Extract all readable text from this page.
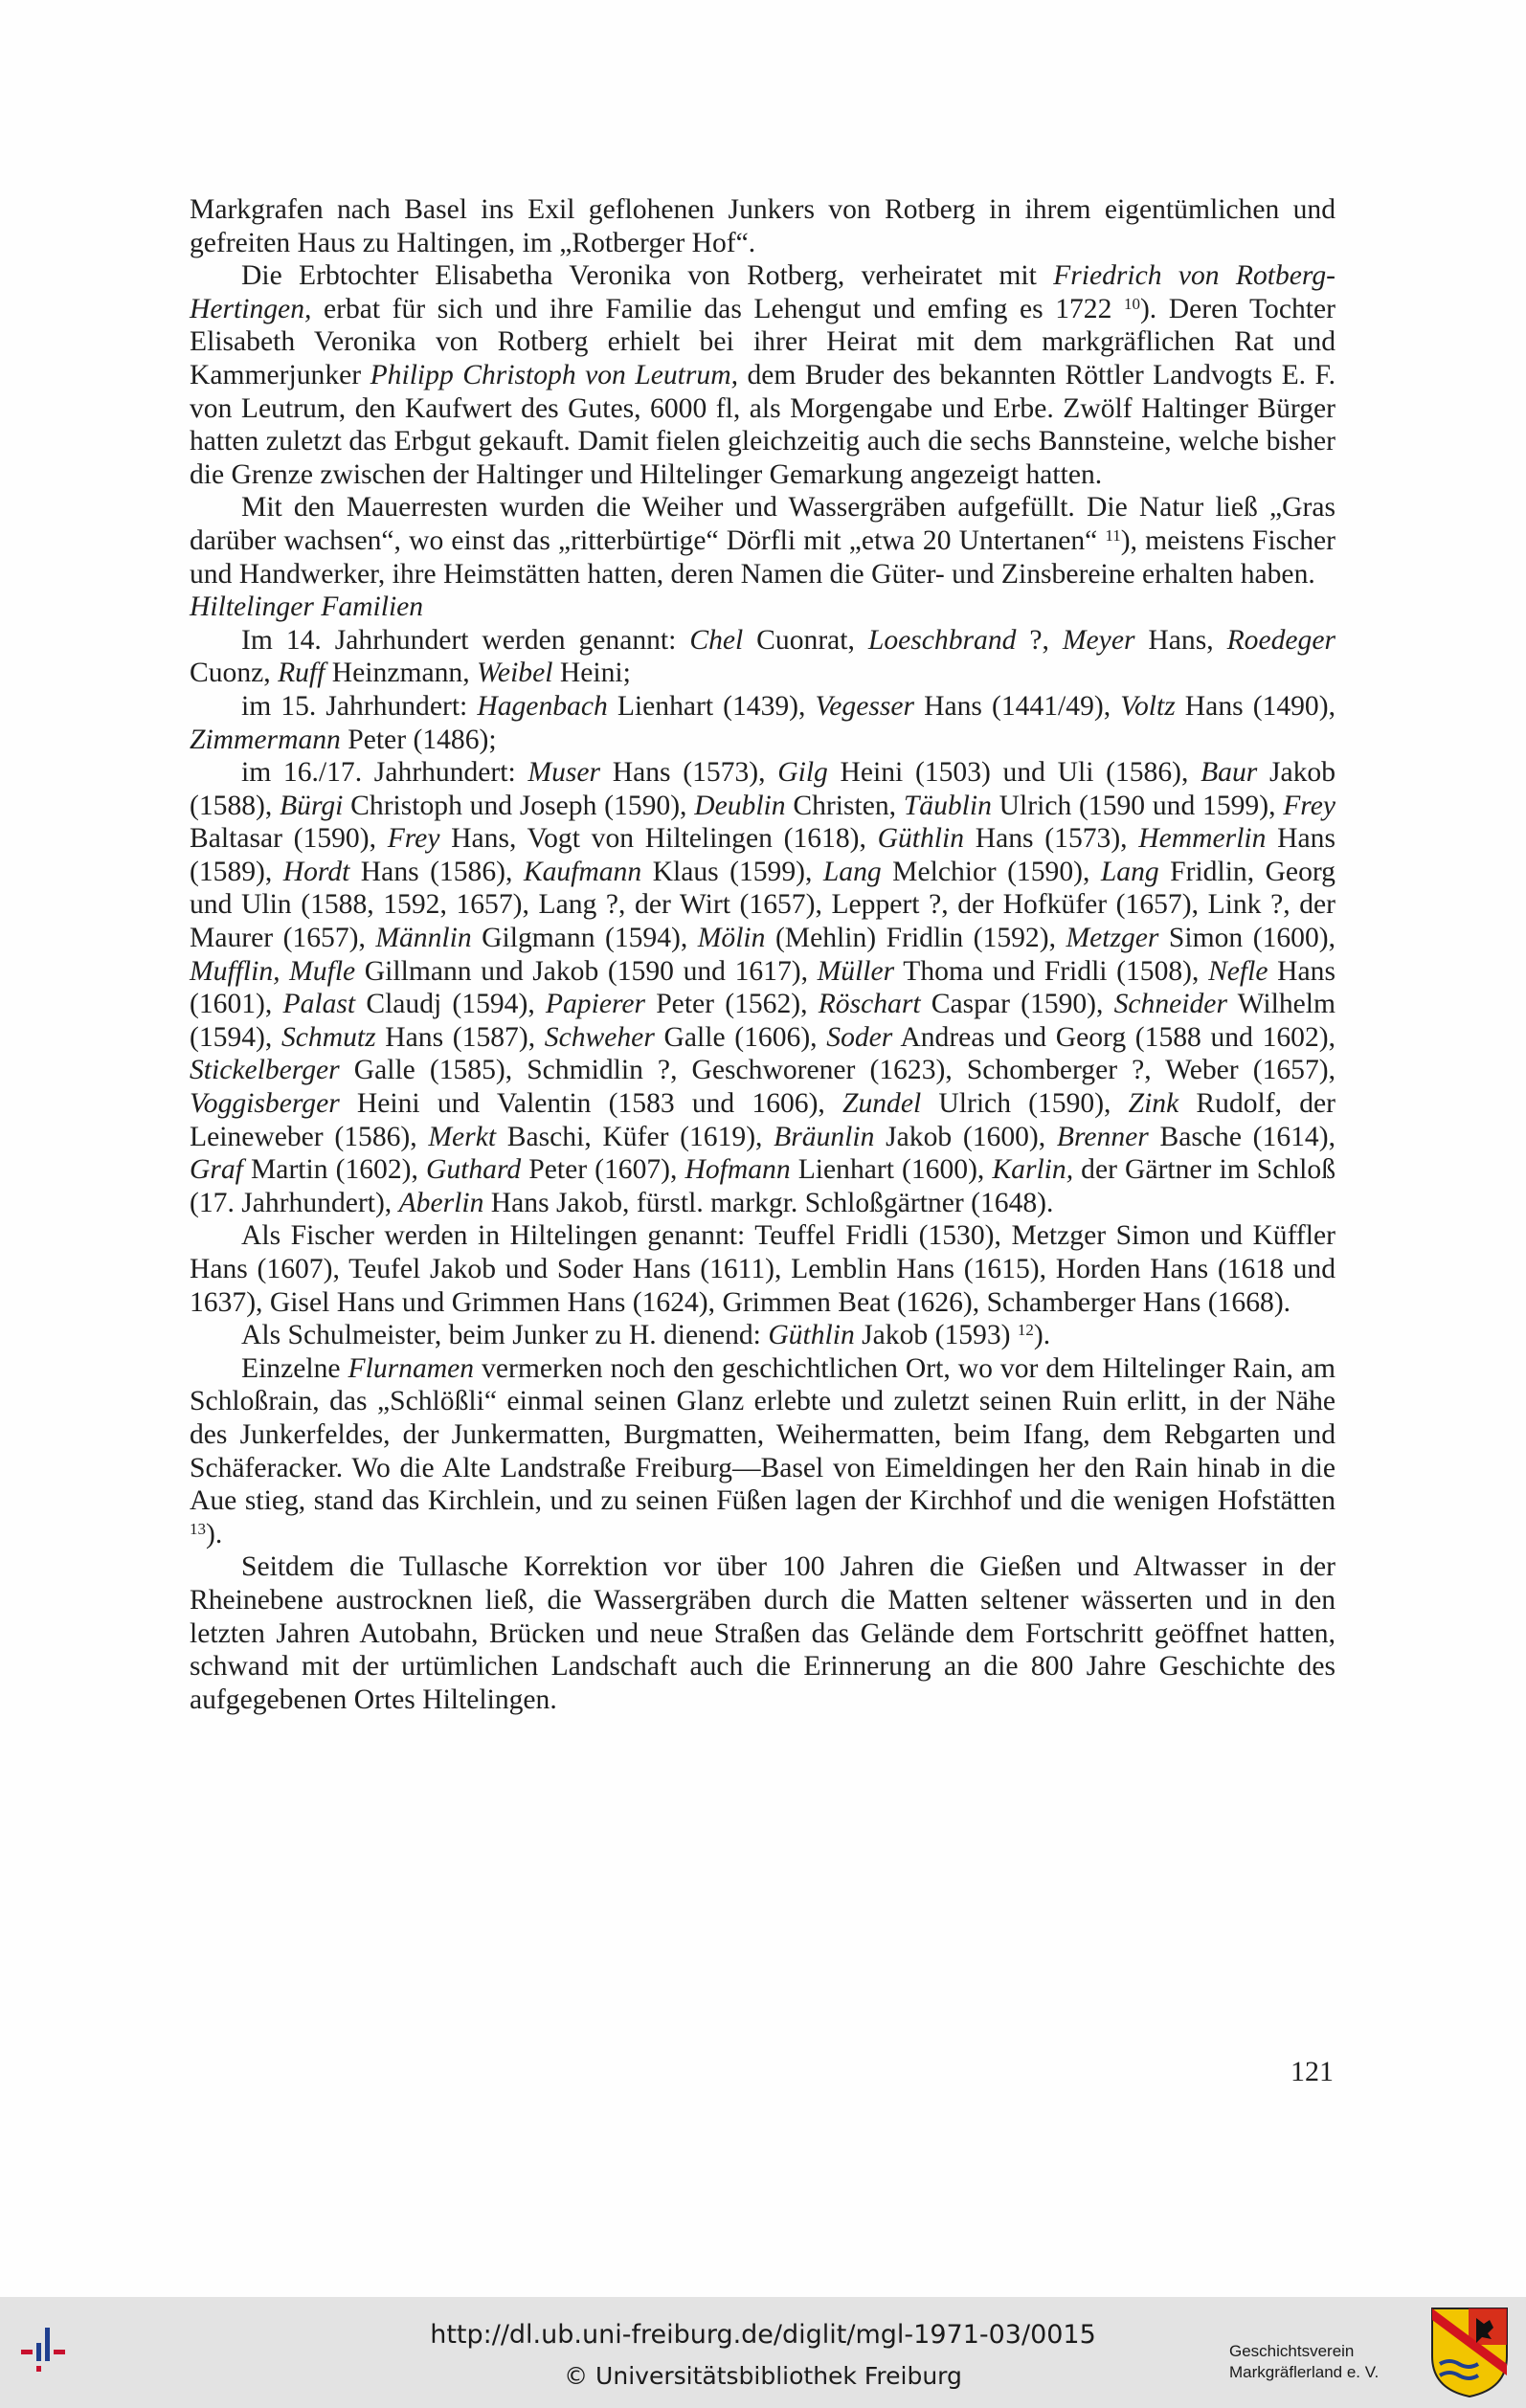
Markgrafen nach Basel ins Exil geflohenen Junkers von Rotberg in ihrem eigentümlichen und gefreiten Haus zu Haltingen, im „Rotberger Hof“.

Die Erbtochter Elisabetha Veronika von Rotberg, verheiratet mit Friedrich von Rotberg-Hertingen, erbat für sich und ihre Familie das Lehengut und emfing es 1722 $^{10}$). Deren Tochter Elisabeth Veronika von Rotberg erhielt bei ihrer Heirat mit dem markgräflichen Rat und Kammerjunker Philipp Christoph von Leutrum, dem Bruder des bekannten Röttler Landvogts E. F. von Leutrum, den Kaufwert des Gutes, 6000 fl, als Morgengabe und Erbe. Zwölf Haltinger Bürger hatten zuletzt das Erbgut gekauft. Damit fielen gleichzeitig auch die sechs Bannsteine, welche bisher die Grenze zwischen der Haltinger und Hiltelinger Gemarkung angezeigt hatten.

Mit den Mauerresten wurden die Weiher und Wassergräben aufgefüllt. Die Natur ließ „Gras darüber wachsen“, wo einst das „ritterbürtige“ Dörfli mit „etwa 20 Untertanen“ $^{11}$), meistens Fischer und Handwerker, ihre Heimstätten hatten, deren Namen die Güter- und Zinsbereine erhalten haben.

Hiltelinger Familien

Im 14. Jahrhundert werden genannt: Chel Cuonrat, Loeschbrand ?, Meyer Hans, Roedeger Cuonz, Ruff Heinzmann, Weibel Heini;

im 15. Jahrhundert: Hagenbach Lienhart (1439), Vegesser Hans (1441/49), Voltz Hans (1490), Zimmermann Peter (1486);

im 16./17. Jahrhundert: Muser Hans (1573), Gilg Heini (1503) und Uli (1586), Baur Jakob (1588), Bürgi Christoph und Joseph (1590), Deublin Christen, Täublin Ulrich (1590 und 1599), Frey Baltasar (1590), Frey Hans, Vogt von Hiltelingen (1618), Güthlin Hans (1573), Hemmerlin Hans (1589), Hordt Hans (1586), Kaufmann Klaus (1599), Lang Melchior (1590), Lang Fridlin, Georg und Ulin (1588, 1592, 1657), Lang ?, der Wirt (1657), Leppert ?, der Hofküfer (1657), Link ?, der Maurer (1657), Männlin Gilgmann (1594), Mölin (Mehlin) Fridlin (1592), Metzger Simon (1600), Mufflin, Mufle Gillmann und Jakob (1590 und 1617), Müller Thoma und Fridli (1508), Nefle Hans (1601), Palast Claudj (1594), Papierer Peter (1562), Röschart Caspar (1590), Schneider Wilhelm (1594), Schmutz Hans (1587), Schweher Galle (1606), Soder Andreas und Georg (1588 und 1602), Stickelberger Galle (1585), Schmidlin ?, Geschworener (1623), Schomberger ?, Weber (1657), Voggisberger Heini und Valentin (1583 und 1606), Zundel Ulrich (1590), Zink Rudolf, der Leineweber (1586), Merkt Baschi, Küfer (1619), Bräunlin Jakob (1600), Brenner Basche (1614), Graf Martin (1602), Guthard Peter (1607), Hofmann Lienhart (1600), Karlin, der Gärtner im Schloß (17. Jahrhundert), Aberlin Hans Jakob, fürstl. markgr. Schloßgärtner (1648).

Als Fischer werden in Hiltelingen genannt: Teuffel Fridli (1530), Metzger Simon und Küffler Hans (1607), Teufel Jakob und Soder Hans (1611), Lemblin Hans (1615), Horden Hans (1618 und 1637), Gisel Hans und Grimmen Hans (1624), Grimmen Beat (1626), Schamberger Hans (1668).

Als Schulmeister, beim Junker zu H. dienend: Güthlin Jakob (1593) $^{12}$).

Einzelne Flurnamen vermerken noch den geschichtlichen Ort, wo vor dem Hiltelinger Rain, am Schloßrain, das „Schlößli“ einmal seinen Glanz erlebte und zuletzt seinen Ruin erlitt, in der Nähe des Junkerfeldes, der Junkermatten, Burgmatten, Weihermatten, beim Ifang, dem Rebgarten und Schäferacker. Wo die Alte Landstraße Freiburg—Basel von Eimeldingen her den Rain hinab in die Aue stieg, stand das Kirchlein, und zu seinen Füßen lagen der Kirchhof und die wenigen Hofstätten $^{13}$).

Seitdem die Tullasche Korrektion vor über 100 Jahren die Gießen und Altwasser in der Rheinebene austrocknen ließ, die Wassergräben durch die Matten seltener wässerten und in den letzten Jahren Autobahn, Brücken und neue Straßen das Gelände dem Fortschritt geöffnet hatten, schwand mit der urtümlichen Landschaft auch die Erinnerung an die 800 Jahre Geschichte des aufgegebenen Ortes Hiltelingen.

121
http://dl.ub.uni-freiburg.de/diglit/mgl-1971-03/0015
© Universitätsbibliothek Freiburg
Geschichtsverein
Markgräflerland e. V.
